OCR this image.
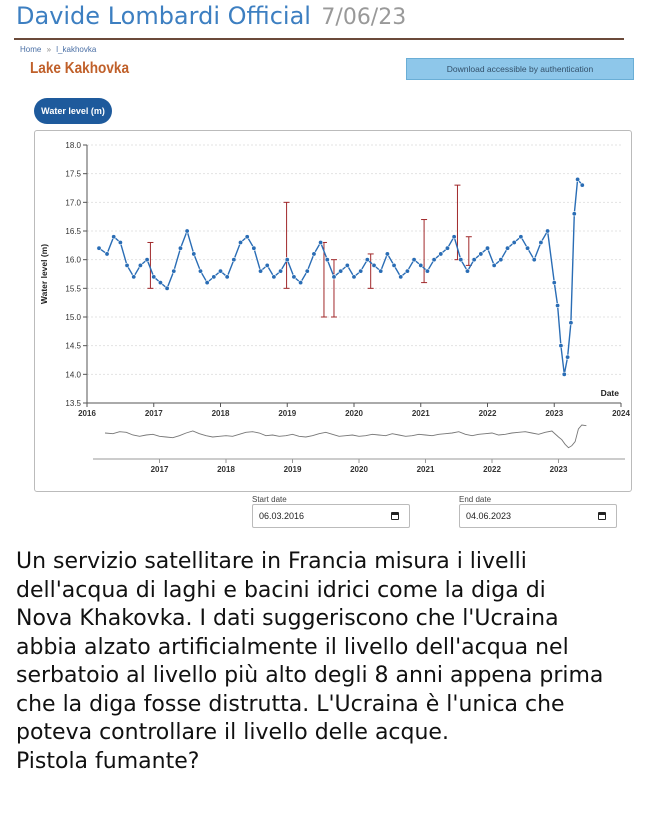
Davide Lombardi Official 7/06/23
Home » l_kakhovka
Lake Kakhovka	Download accessible by authentication
Water level (m)
13.5
14.0
14.5
15.0
15.5
16.0
16.5
17.0
17.5
18.0
2016	2017	2018	2019	2020	2021	2022	2023	2024
Water level (m)
Date
2017	2018	2019	2020	2021	2022	2023
Start date
06.03.2016
End date
04.06.2023

Un servizio satellitare in Francia misura i livelli

dell'acqua di laghi e bacini idrici come la diga di

Nova Khakovka. I dati suggeriscono che l'Ucraina

abbia alzato artificialmente il livello dell'acqua nel

serbatoio al livello più alto degli 8 anni appena prima

che la diga fosse distrutta. L'Ucraina è l'unica che

poteva controllare il livello delle acque.

Pistola fumante?
